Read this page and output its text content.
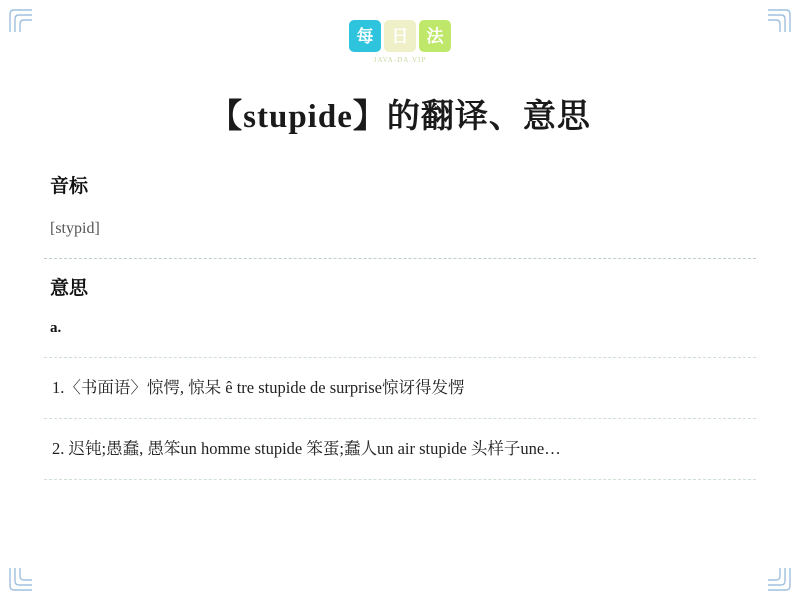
每	日	法
JAVA-DA.VIP
【stupide】的翻译、意思
音标
[stypid]
意思
a.
1.〈书面语〉惊愕, 惊呆 ê tre stupide de surprise惊讶得发愣
2. 迟钝;愚蠢, 愚笨un homme stupide 笨蛋;蠢人un air stupide 头样子une…
